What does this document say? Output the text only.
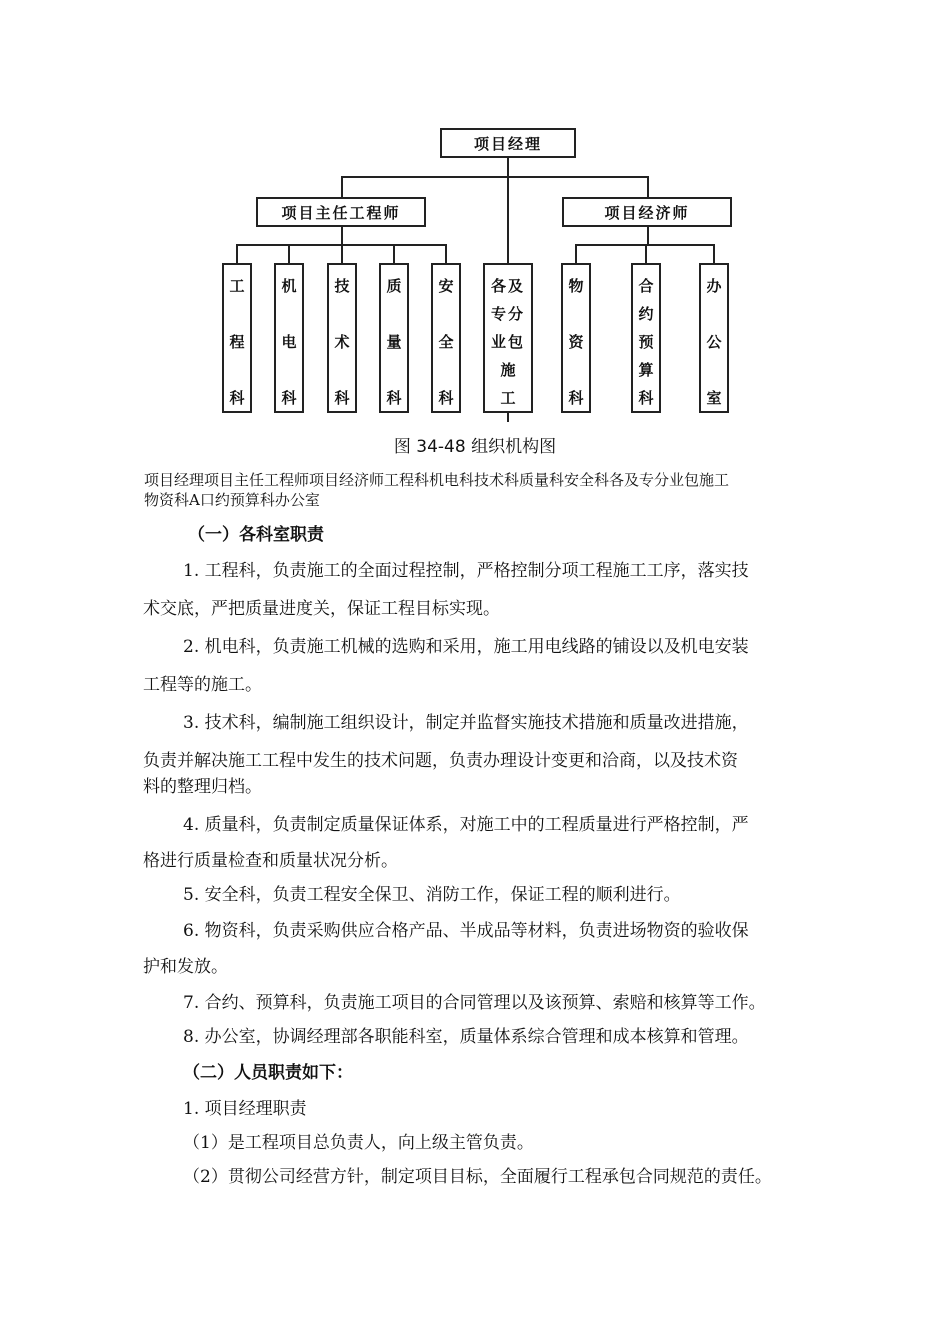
项目经理
项目主任工程师	项目经济师
工
程
科
机
电
科
技
术
科
质
量
科
安
全
科
各及
专分
业包
施
工
物
资
科
合
约
预
算
科
办
公
室
图 34-48 组织机构图
项目经理项目主任工程师项目经济师工程科机电科技术科质量科安全科各及专分业包施工
物资科A口约预算科办公室
（一）各科室职责
1. 工程科，负责施工的全面过程控制，严格控制分项工程施工工序，落实技
术交底，严把质量进度关，保证工程目标实现。
2. 机电科，负责施工机械的选购和采用，施工用电线路的铺设以及机电安装
工程等的施工。
3. 技术科，编制施工组织设计，制定并监督实施技术措施和质量改进措施，
负责并解决施工工程中发生的技术问题，负责办理设计变更和洽商，以及技术资
料的整理归档。
4. 质量科，负责制定质量保证体系，对施工中的工程质量进行严格控制，严
格进行质量检查和质量状况分析。
5. 安全科，负责工程安全保卫、消防工作，保证工程的顺利进行。
6. 物资科，负责采购供应合格产品、半成品等材料，负责进场物资的验收保
护和发放。
7. 合约、预算科，负责施工项目的合同管理以及该预算、索赔和核算等工作。
8. 办公室，协调经理部各职能科室，质量体系综合管理和成本核算和管理。
（二）人员职责如下：
1. 项目经理职责
（1）是工程项目总负责人，向上级主管负责。
（2）贯彻公司经营方针，制定项目目标，全面履行工程承包合同规范的责任。
